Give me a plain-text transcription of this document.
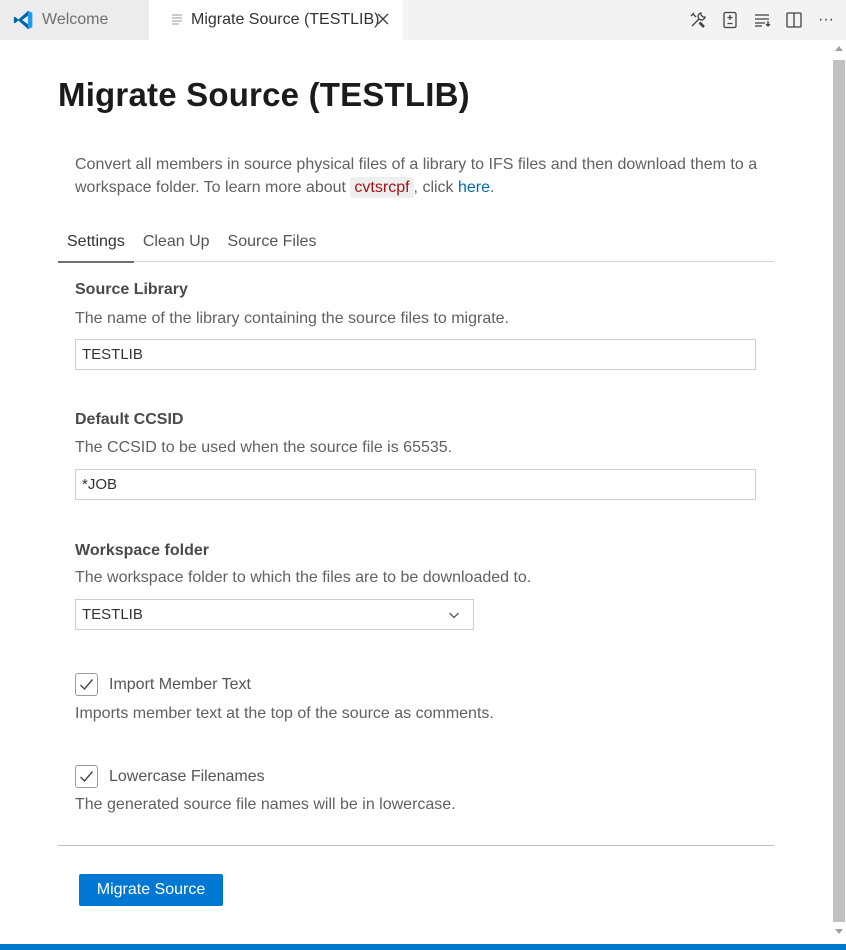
Welcome	Migrate Source (TESTLIB)	···
Migrate Source (TESTLIB)
Convert all members in source physical files of a library to IFS files and then download them to a workspace folder. To learn more about cvtsrcpf , click here.
Settings	Clean Up	Source Files
Source Library
The name of the library containing the source files to migrate.
TESTLIB
Default CCSID
The CCSID to be used when the source file is 65535.
*JOB
Workspace folder
The workspace folder to which the files are to be downloaded to.
TESTLIB
Import Member Text
Imports member text at the top of the source as comments.
Lowercase Filenames
The generated source file names will be in lowercase.
Migrate Source
